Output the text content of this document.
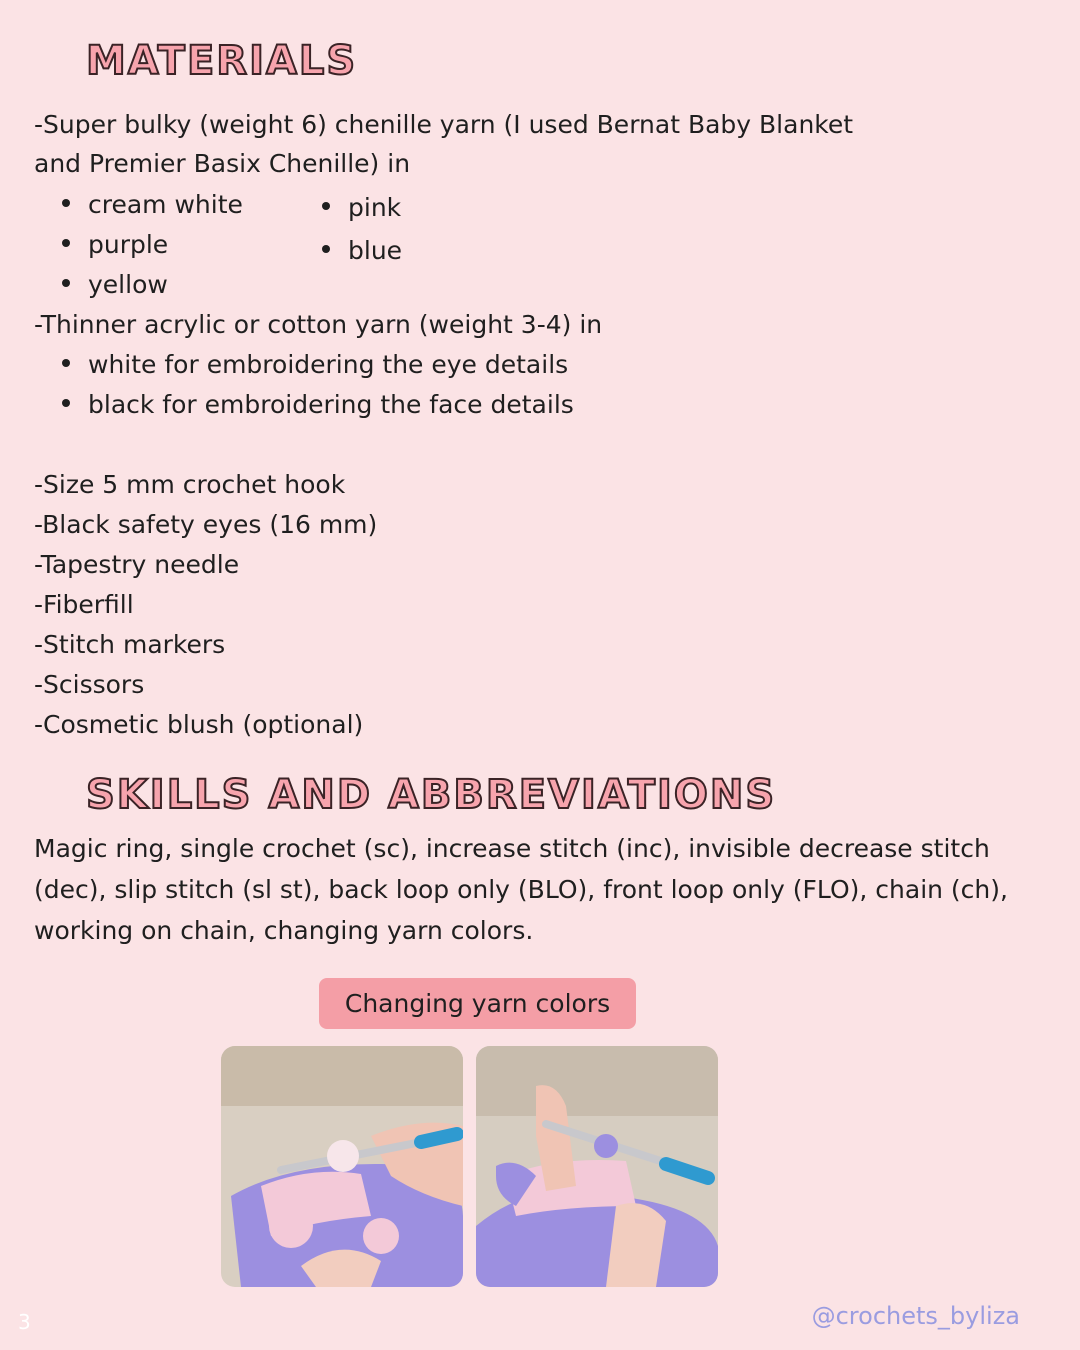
MATERIALS
-Super bulky (weight 6) chenille yarn (I used Bernat Baby Blanket
and Premier Basix Chenille) in
cream white
purple
yellow
pink
blue
-Thinner acrylic or cotton yarn (weight 3-4) in
white for embroidering the eye details
black for embroidering the face details
-Size 5 mm crochet hook
-Black safety eyes (16 mm)
-Tapestry needle
-Fiberfill
-Stitch markers
-Scissors
-Cosmetic blush (optional)
SKILLS AND ABBREVIATIONS

Magic ring, single crochet (sc), increase stitch (inc), invisible decrease stitch (dec), slip stitch (sl st), back loop only (BLO), front loop only (FLO), chain (ch), working on chain, changing yarn colors.

Changing yarn colors
3	@crochets_byliza
